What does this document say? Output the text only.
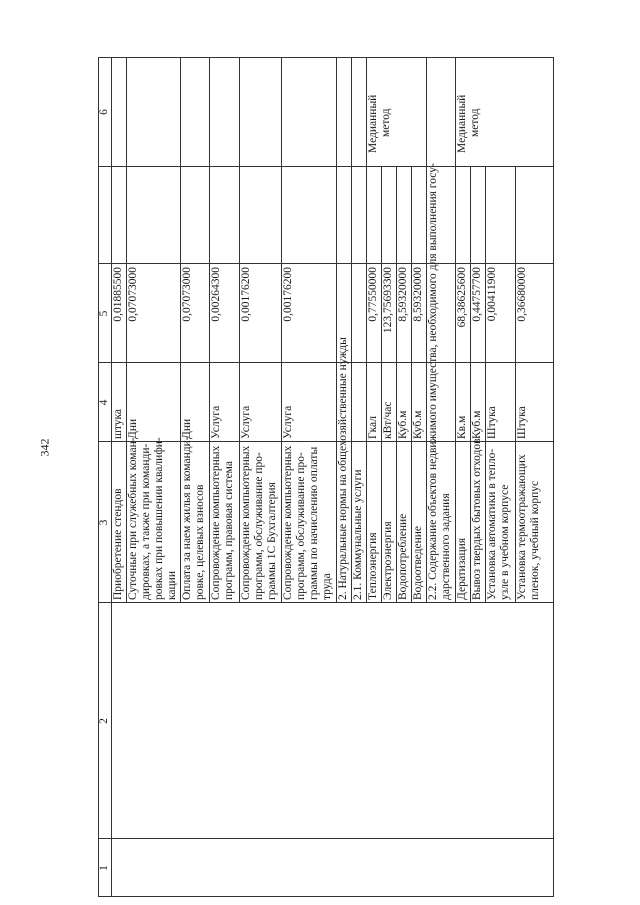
342
1
2
3
4
5
6
Приобретение стендов
штука
0,01885500
Суточные при служебных коман- дировках, а также при команди- ровках при повышении квалифи- кации
Дни
0,07073000
Оплата за наем жилья в команди- ровке, целевых взносов
Дни
0,07073000
Сопровождение компьютерных программ, правовая система
Услуга
0,00264300
Сопровождение компьютерных программ, обслуживание про- граммы 1С Бухгалтерия
Услуга
0,00176200
Сопровождение компьютерных программ, обслуживание про- граммы по начислению оплаты труда
Услуга
0,00176200
2. Натуральные нормы на общехозяйственные нужды 2.1. Коммунальные услуги Теплоэнергия
Гкал
0,77550000
Электроэнергия
кВт/час
123,75693300
Водопотребление
Куб.м
8,59320000
Водоотведение
Куб.м
8,59320000
Медианный метод
2.2. Содержание объектов недвижимого имущества, необходимого для выполнения госу- дарственного задания Дератизация
Кв.м
68,38625600
Вывоз твердых бытовых отходов
Куб.м
0,44757700
Установка автоматики в тепло- узле в учебном корпусе
Штука
0,00411900
Установка термоотражающих пленок, учебный корпус
Штука
0,36680000
Медианный метод
